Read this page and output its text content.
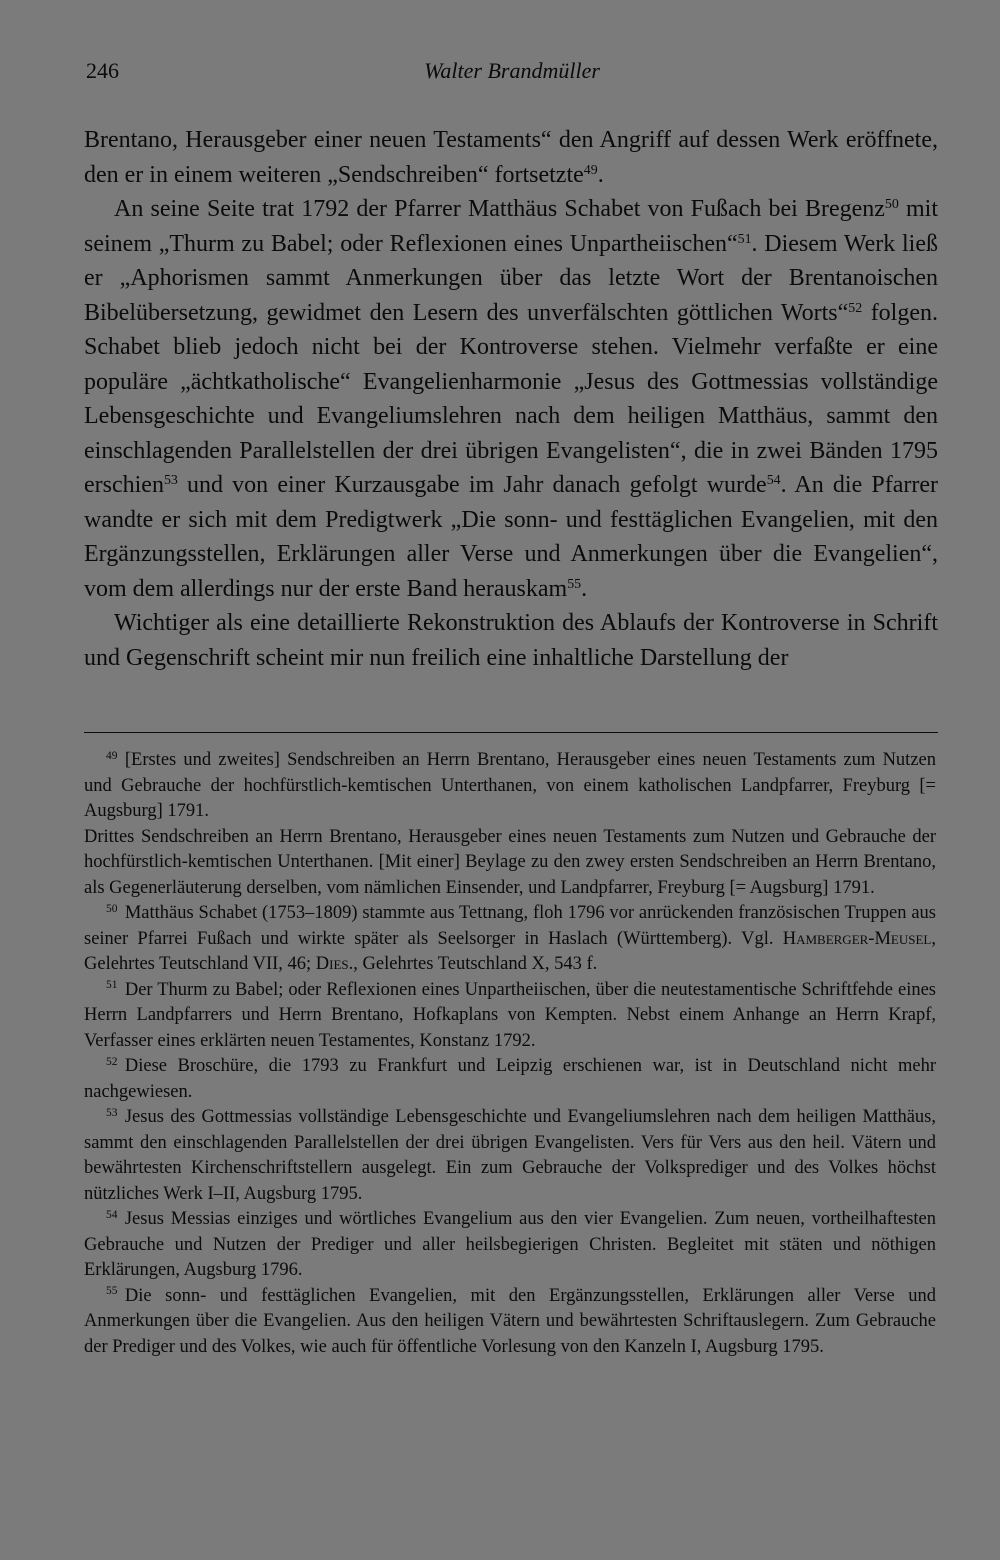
246	Walter Brandmüller

Brentano, Herausgeber einer neuen Testaments“ den Angriff auf dessen Werk eröffnete, den er in einem weiteren „Sendschreiben“ fortsetzte$^{49}$.

An seine Seite trat 1792 der Pfarrer Matthäus Schabet von Fußach bei Bregenz$^{50}$ mit seinem „Thurm zu Babel; oder Reflexionen eines Unpartheiischen“$^{51}$. Diesem Werk ließ er „Aphorismen sammt Anmerkungen über das letzte Wort der Brentanoischen Bibelübersetzung, gewidmet den Lesern des unverfälschten göttlichen Worts“$^{52}$ folgen. Schabet blieb jedoch nicht bei der Kontroverse stehen. Vielmehr verfaßte er eine populäre „ächtkatholische“ Evangelienharmonie „Jesus des Gottmessias vollständige Lebensgeschichte und Evangeliumslehren nach dem heiligen Matthäus, sammt den einschlagenden Parallelstellen der drei übrigen Evangelisten“, die in zwei Bänden 1795 erschien$^{53}$ und von einer Kurzausgabe im Jahr danach gefolgt wurde$^{54}$. An die Pfarrer wandte er sich mit dem Predigtwerk „Die sonn- und festtäglichen Evangelien, mit den Ergänzungsstellen, Erklärungen aller Verse und Anmerkungen über die Evangelien“, vom dem allerdings nur der erste Band herauskam$^{55}$.

Wichtiger als eine detaillierte Rekonstruktion des Ablaufs der Kontroverse in Schrift und Gegenschrift scheint mir nun freilich eine inhaltliche Darstellung der

$^{49}$ [Erstes und zweites] Sendschreiben an Herrn Brentano, Herausgeber eines neuen Testaments zum Nutzen und Gebrauche der hochfürstlich-kemtischen Unterthanen, von einem katholischen Landpfarrer, Freyburg [= Augsburg] 1791.

Drittes Sendschreiben an Herrn Brentano, Herausgeber eines neuen Testaments zum Nutzen und Gebrauche der hochfürstlich-kemtischen Unterthanen. [Mit einer] Beylage zu den zwey ersten Sendschreiben an Herrn Brentano, als Gegenerläuterung derselben, vom nämlichen Einsender, und Landpfarrer, Freyburg [= Augsburg] 1791.

$^{50}$ Matthäus Schabet (1753–1809) stammte aus Tettnang, floh 1796 vor anrückenden französischen Truppen aus seiner Pfarrei Fußach und wirkte später als Seelsorger in Haslach (Württemberg). Vgl. Hamberger-Meusel, Gelehrtes Teutschland VII, 46; Dies., Gelehrtes Teutschland X, 543 f.

$^{51}$ Der Thurm zu Babel; oder Reflexionen eines Unpartheiischen, über die neutestamentische Schriftfehde eines Herrn Landpfarrers und Herrn Brentano, Hofkaplans von Kempten. Nebst einem Anhange an Herrn Krapf, Verfasser eines erklärten neuen Testamentes, Konstanz 1792.

$^{52}$ Diese Broschüre, die 1793 zu Frankfurt und Leipzig erschienen war, ist in Deutschland nicht mehr nachgewiesen.

$^{53}$ Jesus des Gottmessias vollständige Lebensgeschichte und Evangeliumslehren nach dem heiligen Matthäus, sammt den einschlagenden Parallelstellen der drei übrigen Evangelisten. Vers für Vers aus den heil. Vätern und bewährtesten Kirchenschriftstellern ausgelegt. Ein zum Gebrauche der Volksprediger und des Volkes höchst nützliches Werk I–II, Augsburg 1795.

$^{54}$ Jesus Messias einziges und wörtliches Evangelium aus den vier Evangelien. Zum neuen, vortheilhaftesten Gebrauche und Nutzen der Prediger und aller heilsbegierigen Christen. Begleitet mit stäten und nöthigen Erklärungen, Augsburg 1796.

$^{55}$ Die sonn- und festtäglichen Evangelien, mit den Ergänzungsstellen, Erklärungen aller Verse und Anmerkungen über die Evangelien. Aus den heiligen Vätern und bewährtesten Schriftauslegern. Zum Gebrauche der Prediger und des Volkes, wie auch für öffentliche Vorlesung von den Kanzeln I, Augsburg 1795.
